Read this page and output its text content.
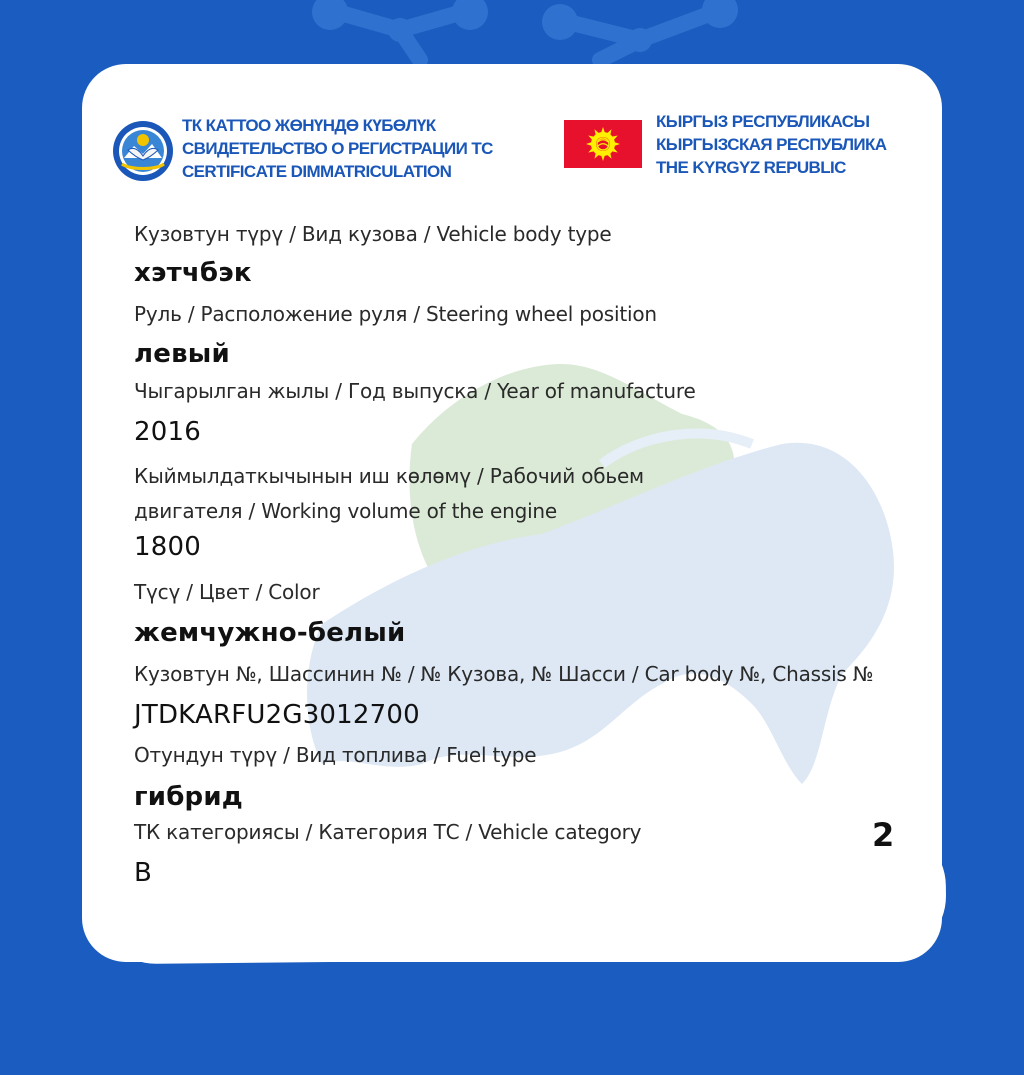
ТК КАТТОО ЖӨНҮНДӨ КҮБӨЛҮК
СВИДЕТЕЛЬСТВО О РЕГИСТРАЦИИ ТС
CERTIFICATE DIMMATRICULATION
КЫРГЫЗ РЕСПУБЛИКАСЫ
КЫРГЫЗСКАЯ РЕСПУБЛИКА
THE KYRGYZ REPUBLIC
Кузовтун түрү / Вид кузова / Vehicle body type
хэтчбэк
Руль / Расположение руля / Steering wheel position
левый
Чыгарылган жылы / Год выпуска / Year of manufacture
2016
Кыймылдаткычынын иш көлөмү / Рабочий обьем двигателя / Working volume of the engine
1800
Түсү / Цвет / Color
жемчужно-белый
Кузовтун №, Шассинин № / № Кузова, № Шасси / Car body №, Chassis №
JTDKARFU2G3012700
Отундун түрү / Вид топлива / Fuel type
гибрид
ТК категориясы / Категория ТС / Vehicle category
B
2
